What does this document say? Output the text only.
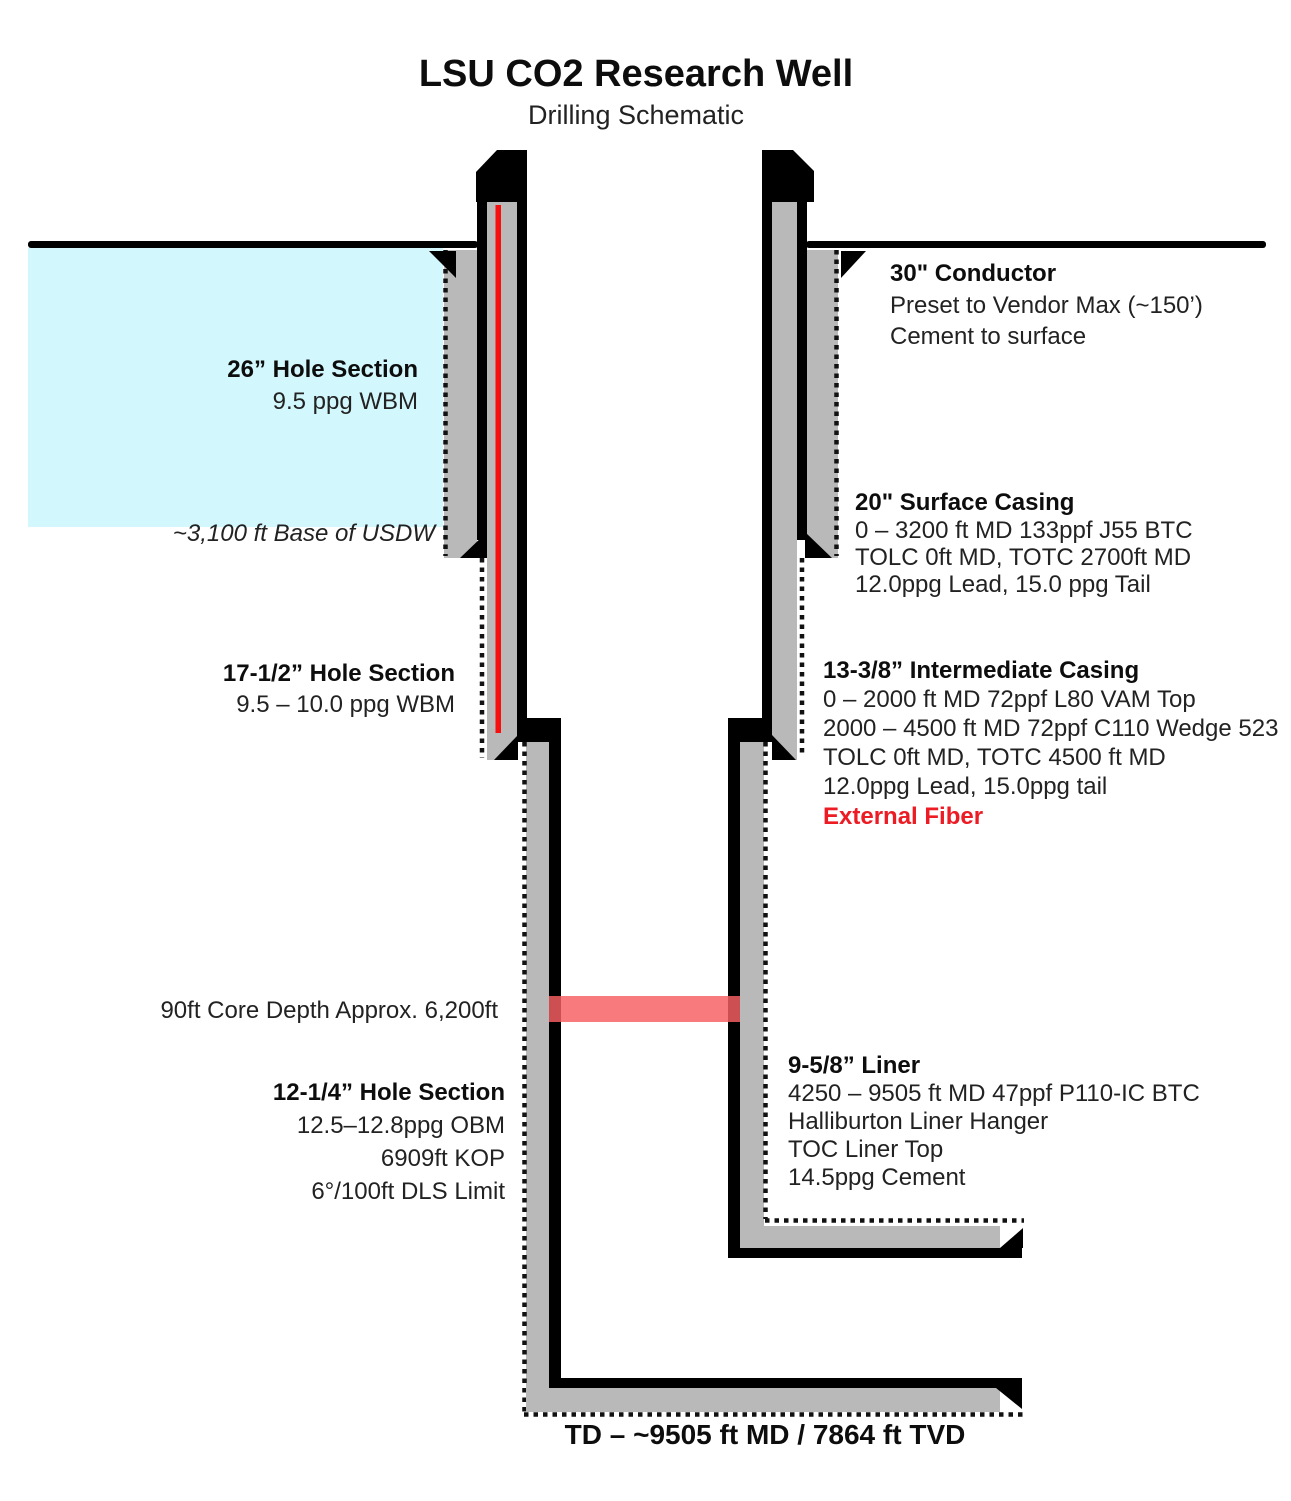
LSU CO2 Research Well
Drilling Schematic
26” Hole Section
9.5 ppg WBM
~3,100 ft Base of USDW
17-1/2” Hole Section
9.5 – 10.0 ppg WBM
90ft Core Depth Approx. 6,200ft
12-1/4” Hole Section
12.5–12.8ppg OBM
6909ft KOP
6°/100ft DLS Limit
30" Conductor
Preset to Vendor Max (~150’)
Cement to surface
20" Surface Casing
0 – 3200 ft MD 133ppf J55 BTC
TOLC 0ft MD, TOTC 2700ft MD
12.0ppg Lead, 15.0 ppg Tail
13-3/8” Intermediate Casing
0 – 2000 ft MD 72ppf L80 VAM Top
2000 – 4500 ft MD 72ppf C110 Wedge 523
TOLC 0ft MD, TOTC 4500 ft MD
12.0ppg Lead, 15.0ppg tail
External Fiber
9-5/8” Liner
4250 – 9505 ft MD 47ppf P110-IC BTC
Halliburton Liner Hanger
TOC Liner Top
14.5ppg Cement
TD – ~9505 ft MD / 7864 ft TVD
